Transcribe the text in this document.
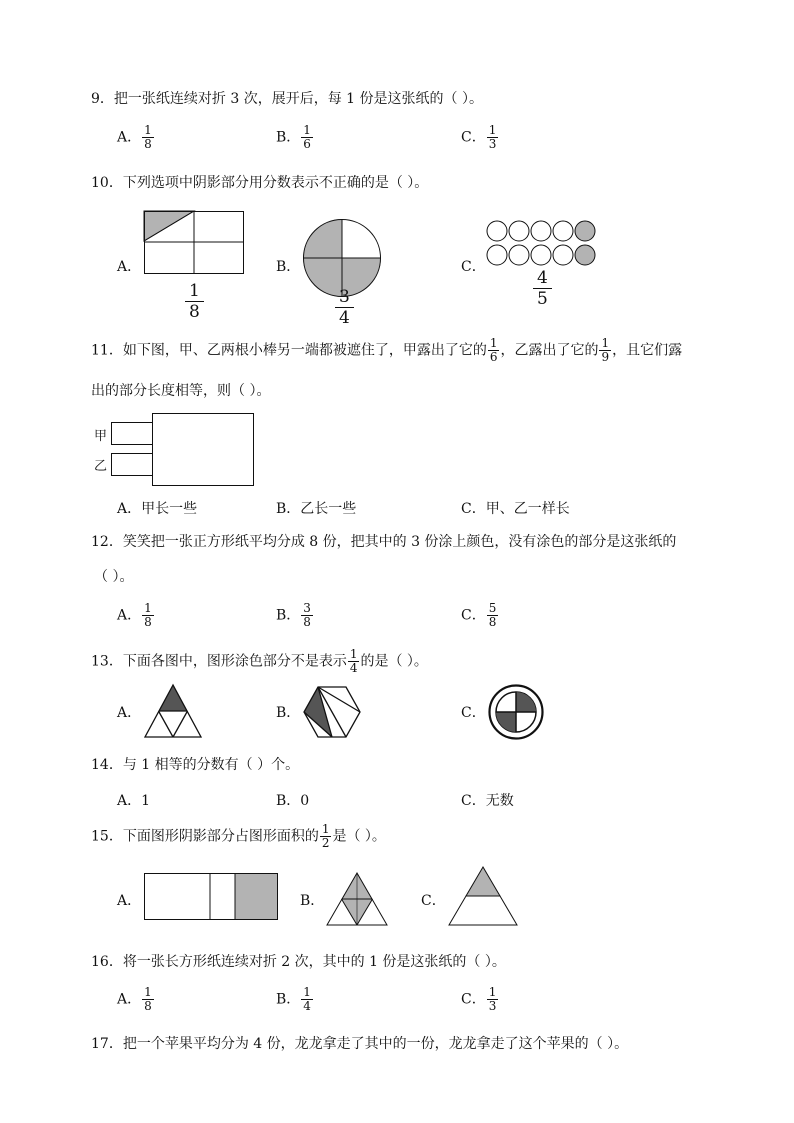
9．把一张纸连续对折 3 次，展开后，每 1 份是这张纸的（ ）。
A． $\frac{1}{8}$	B． $\frac{1}{6}$	C． $\frac{1}{3}$
10．下列选项中阴影部分用分数表示不正确的是（ ）。
A．
$\frac{1}{8}$
B．
$\frac{3}{4}$
C．
$\frac{4}{5}$
11．如下图，甲、乙两根小棒另一端都被遮住了，甲露出了它的 $\frac{1}{6}$ ，乙露出了它的 $\frac{1}{9}$ ，且它们露
出的部分长度相等，则（ ）。
甲
乙
A．甲长一些	B．乙长一些	C．甲、乙一样长
12．笑笑把一张正方形纸平均分成 8 份，把其中的 3 份涂上颜色，没有涂色的部分是这张纸的
（ ）。
A． $\frac{1}{8}$	B． $\frac{3}{8}$	C． $\frac{5}{8}$
13．下面各图中，图形涂色部分不是表示 $\frac{1}{4}$ 的是（ ）。
A．	B．	C．
14．与 1 相等的分数有（ ）个。
A．1	B．0	C．无数
15．下面图形阴影部分占图形面积的 $\frac{1}{2}$ 是（ ）。
A．	B．	C．
16．将一张长方形纸连续对折 2 次，其中的 1 份是这张纸的（ ）。
A． $\frac{1}{8}$	B． $\frac{1}{4}$	C． $\frac{1}{3}$
17．把一个苹果平均分为 4 份，龙龙拿走了其中的一份，龙龙拿走了这个苹果的（ ）。
